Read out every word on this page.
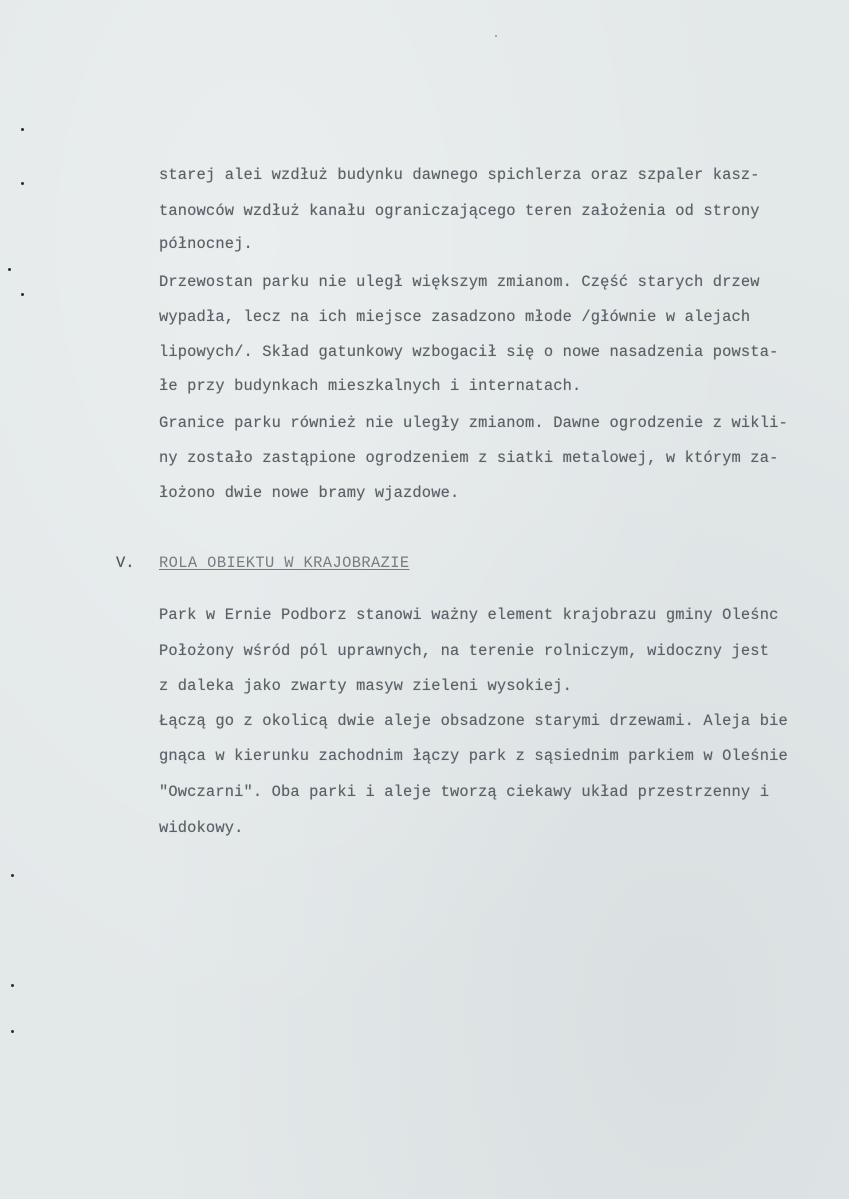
starej alei wzdłuż budynku dawnego spichlerza oraz szpaler kasz-
tanowców wzdłuż kanału ograniczającego teren założenia od strony
północnej.
Drzewostan parku nie uległ większym zmianom. Część starych drzew
wypadła, lecz na ich miejsce zasadzono młode /głównie w alejach
lipowych/. Skład gatunkowy wzbogacił się o nowe nasadzenia powsta-
łe przy budynkach mieszkalnych i internatach.
Granice parku również nie uległy zmianom. Dawne ogrodzenie z wikli-
ny zostało zastąpione ogrodzeniem z siatki metalowej, w którym za-
łożono dwie nowe bramy wjazdowe.
V. ROLA OBIEKTU W KRAJOBRAZIE
Park w Ernie Podborz stanowi ważny element krajobrazu gminy Oleśnc
Położony wśród pól uprawnych, na terenie rolniczym, widoczny jest
z daleka jako zwarty masyw zieleni wysokiej.
Łączą go z okolicą dwie aleje obsadzone starymi drzewami. Aleja bie
gnąca w kierunku zachodnim łączy park z sąsiednim parkiem w Oleśnie
"Owczarni". Oba parki i aleje tworzą ciekawy układ przestrzenny i
widokowy.
